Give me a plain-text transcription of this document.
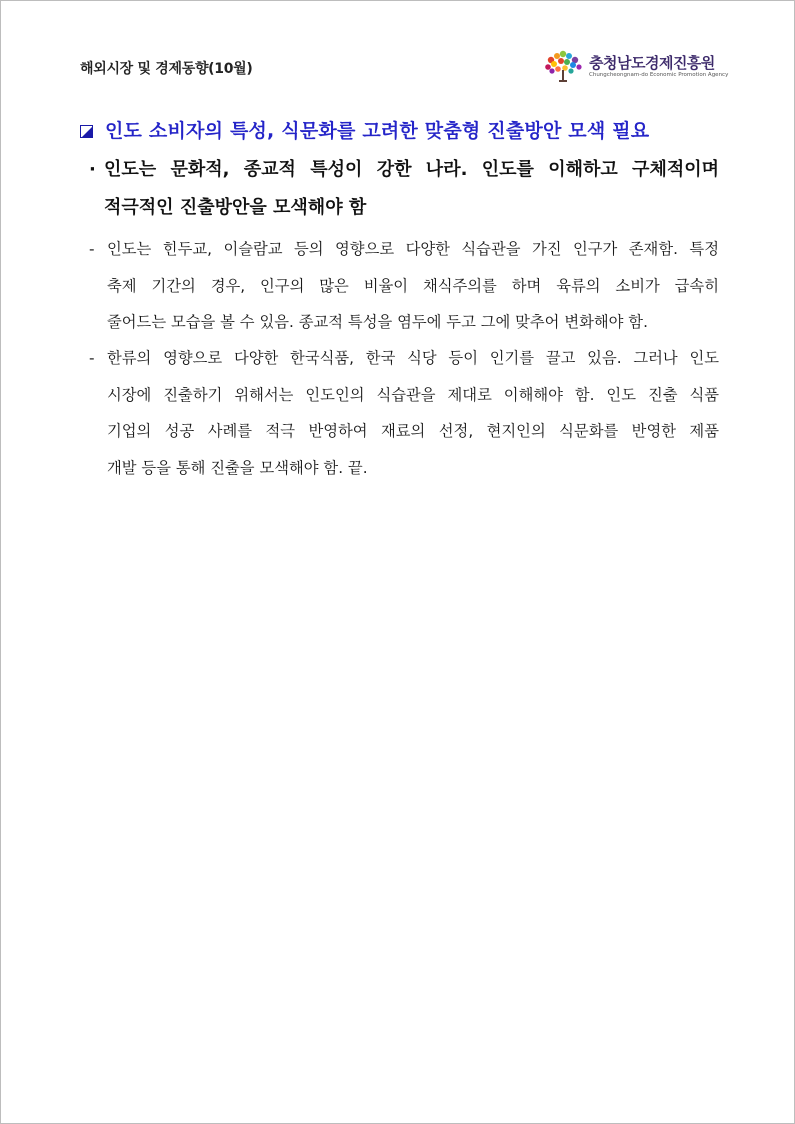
해외시장 및 경제동향(10월)	충청남도경제진흥원
Chungcheongnam-do Economic Promotion Agency
인도 소비자의 특성, 식문화를 고려한 맞춤형 진출방안 모색 필요
· 인도는 문화적, 종교적 특성이 강한 나라. 인도를 이해하고 구체적이며
적극적인 진출방안을 모색해야 함
- 인도는 힌두교, 이슬람교 등의 영향으로 다양한 식습관을 가진 인구가 존재함. 특정
축제 기간의 경우, 인구의 많은 비율이 채식주의를 하며 육류의 소비가 급속히
줄어드는 모습을 볼 수 있음. 종교적 특성을 염두에 두고 그에 맞추어 변화해야 함.
- 한류의 영향으로 다양한 한국식품, 한국 식당 등이 인기를 끌고 있음. 그러나 인도
시장에 진출하기 위해서는 인도인의 식습관을 제대로 이해해야 함. 인도 진출 식품
기업의 성공 사례를 적극 반영하여 재료의 선정, 현지인의 식문화를 반영한 제품
개발 등을 통해 진출을 모색해야 함. 끝.
